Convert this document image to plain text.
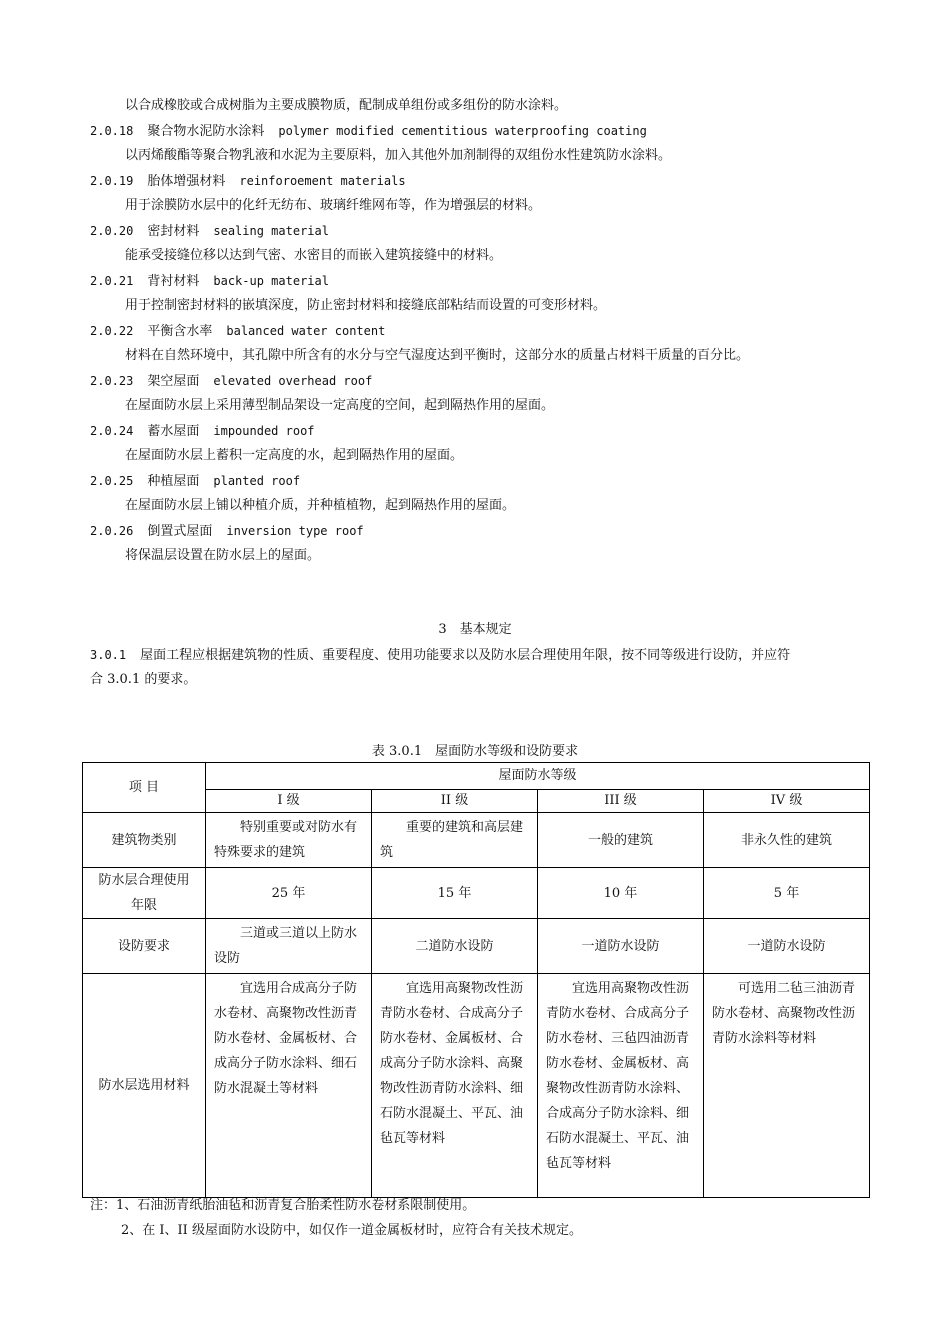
以合成橡胶或合成树脂为主要成膜物质，配制成单组份或多组份的防水涂料。
2.0.18 聚合物水泥防水涂料 polymer modified cementitious waterproofing coating
以丙烯酸酯等聚合物乳液和水泥为主要原料，加入其他外加剂制得的双组份水性建筑防水涂料。
2.0.19 胎体增强材料 reinforoement materials
用于涂膜防水层中的化纤无纺布、玻璃纤维网布等，作为增强层的材料。
2.0.20 密封材料 sealing material
能承受接缝位移以达到气密、水密目的而嵌入建筑接缝中的材料。
2.0.21 背衬材料 back-up material
用于控制密封材料的嵌填深度，防止密封材料和接缝底部粘结而设置的可变形材料。
2.0.22 平衡含水率 balanced water content
材料在自然环境中，其孔隙中所含有的水分与空气湿度达到平衡时，这部分水的质量占材料干质量的百分比。
2.0.23 架空屋面 elevated overhead roof
在屋面防水层上采用薄型制品架设一定高度的空间，起到隔热作用的屋面。
2.0.24 蓄水屋面 impounded roof
在屋面防水层上蓄积一定高度的水，起到隔热作用的屋面。
2.0.25 种植屋面 planted roof
在屋面防水层上铺以种植介质，并种植植物，起到隔热作用的屋面。
2.0.26 倒置式屋面 inversion type roof
将保温层设置在防水层上的屋面。
3　基本规定
3.0.1 屋面工程应根据建筑物的性质、重要程度、使用功能要求以及防水层合理使用年限，按不同等级进行设防，并应符
合 3.0.1 的要求。
表 3.0.1　屋面防水等级和设防要求
项 目	屋面防水等级			
	I 级	II 级	III 级	IV 级
建筑物类别	特别重要或对防水有特殊要求的建筑	重要的建筑和高层建筑	一般的建筑	非永久性的建筑
防水层合理使用年限	25 年	15 年	10 年	5 年
设防要求	三道或三道以上防水设防	二道防水设防	一道防水设防	一道防水设防
防水层选用材料	宜选用合成高分子防水卷材、高聚物改性沥青防水卷材、金属板材、合成高分子防水涂料、细石防水混凝土等材料	宜选用高聚物改性沥青防水卷材、合成高分子防水卷材、金属板材、合成高分子防水涂料、高聚物改性沥青防水涂料、细石防水混凝土、平瓦、油毡瓦等材料	宜选用高聚物改性沥青防水卷材、合成高分子防水卷材、三毡四油沥青防水卷材、金属板材、高聚物改性沥青防水涂料、合成高分子防水涂料、细石防水混凝土、平瓦、油毡瓦等材料	可选用二毡三油沥青防水卷材、高聚物改性沥青防水涂料等材料
注：1、石油沥青纸胎油毡和沥青复合胎柔性防水卷材系限制使用。
2、在 I、II 级屋面防水设防中，如仅作一道金属板材时，应符合有关技术规定。
